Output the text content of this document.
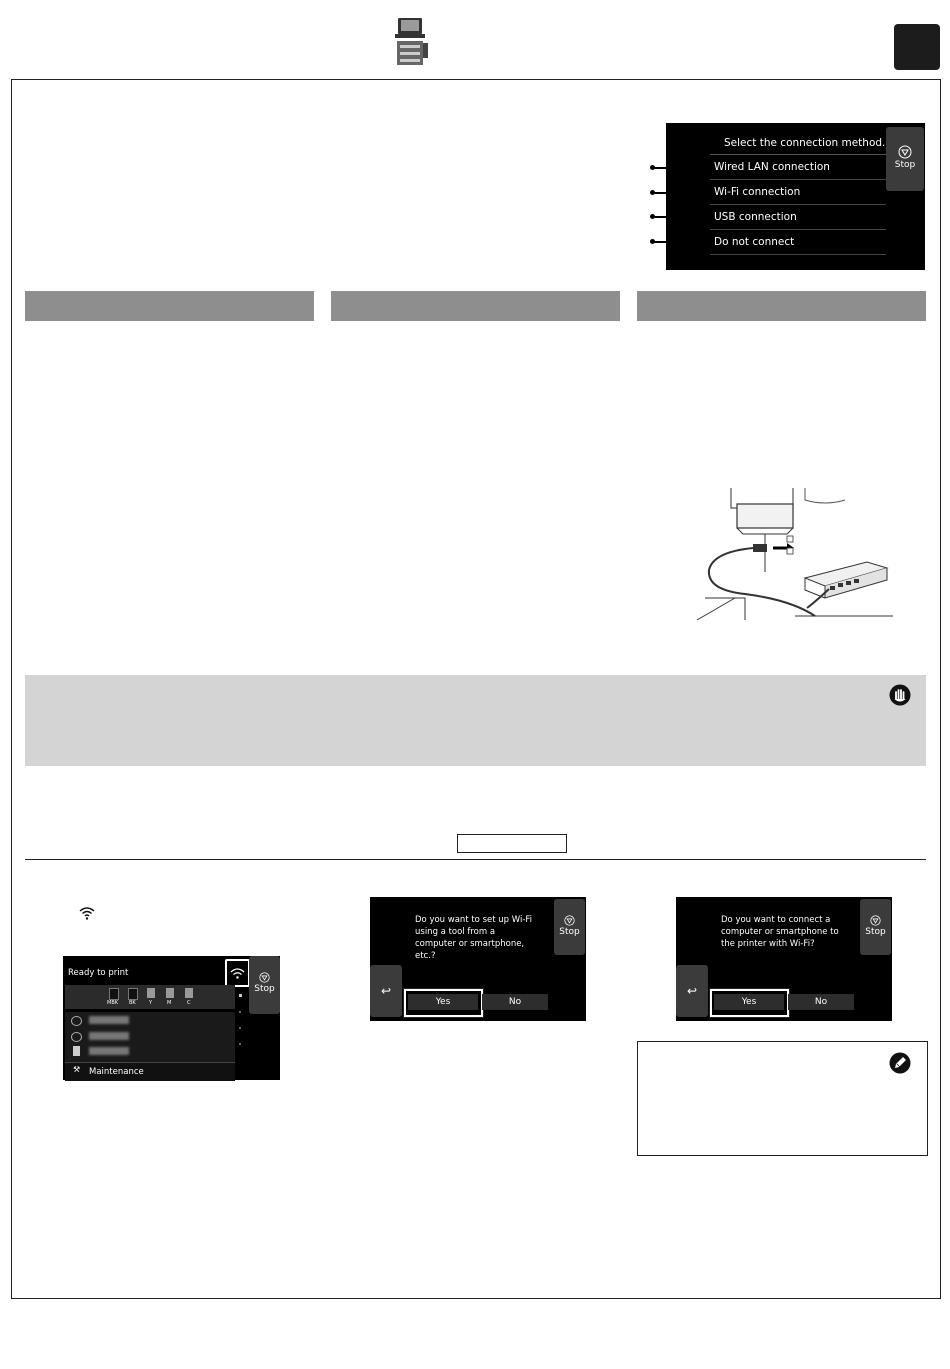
Select the connection method.
Wired LAN connection
Wi-Fi connection
USB connection
Do not connect
Stop
Ready to print
Stop
MBK BK	Y	M	C
⚒ Maintenance
Do you want to set up Wi-Fi using a tool from a computer or smartphone, etc.?
Stop
↩
Yes	No
Do you want to connect a computer or smartphone to the printer with Wi-Fi?
Stop
↩
Yes	No
